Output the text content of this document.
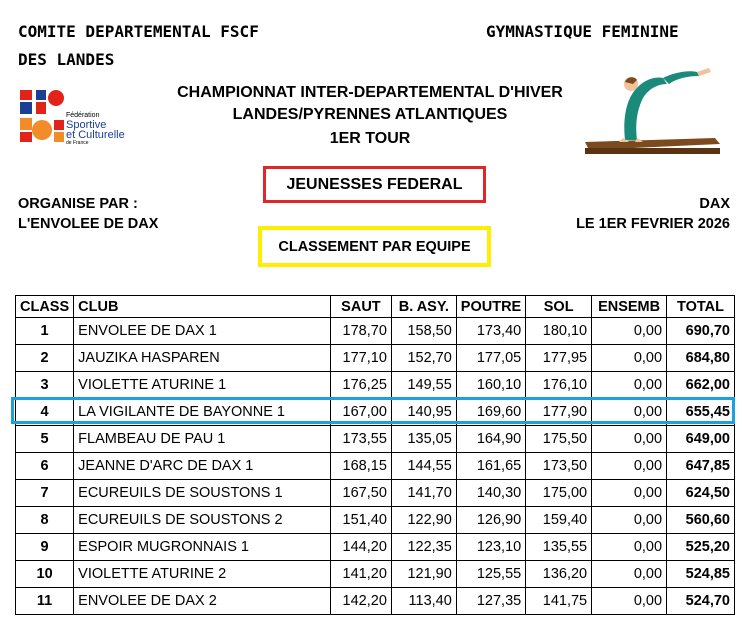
COMITE DEPARTEMENTAL FSCF
DES LANDES
GYMNASTIQUE FEMININE
Fédération
Sportive
et Culturelle
de France
CHAMPIONNAT INTER-DEPARTEMENTAL D'HIVER
LANDES/PYRENNES ATLANTIQUES
1ER TOUR
JEUNESSES FEDERAL
ORGANISE PAR :
L'ENVOLEE DE DAX
DAX
LE 1ER FEVRIER 2026
CLASSEMENT PAR EQUIPE
CLASS	CLUB	SAUT	B. ASY.	POUTRE	SOL	ENSEMB	TOTAL
1	ENVOLEE DE DAX 1	178,70	158,50	173,40	180,10	0,00	690,70
2	JAUZIKA HASPAREN	177,10	152,70	177,05	177,95	0,00	684,80
3	VIOLETTE ATURINE 1	176,25	149,55	160,10	176,10	0,00	662,00
4	LA VIGILANTE DE BAYONNE 1	167,00	140,95	169,60	177,90	0,00	655,45
5	FLAMBEAU DE PAU 1	173,55	135,05	164,90	175,50	0,00	649,00
6	JEANNE D'ARC DE DAX 1	168,15	144,55	161,65	173,50	0,00	647,85
7	ECUREUILS DE SOUSTONS 1	167,50	141,70	140,30	175,00	0,00	624,50
8	ECUREUILS DE SOUSTONS 2	151,40	122,90	126,90	159,40	0,00	560,60
9	ESPOIR MUGRONNAIS 1	144,20	122,35	123,10	135,55	0,00	525,20
10	VIOLETTE ATURINE 2	141,20	121,90	125,55	136,20	0,00	524,85
11	ENVOLEE DE DAX 2	142,20	113,40	127,35	141,75	0,00	524,70
